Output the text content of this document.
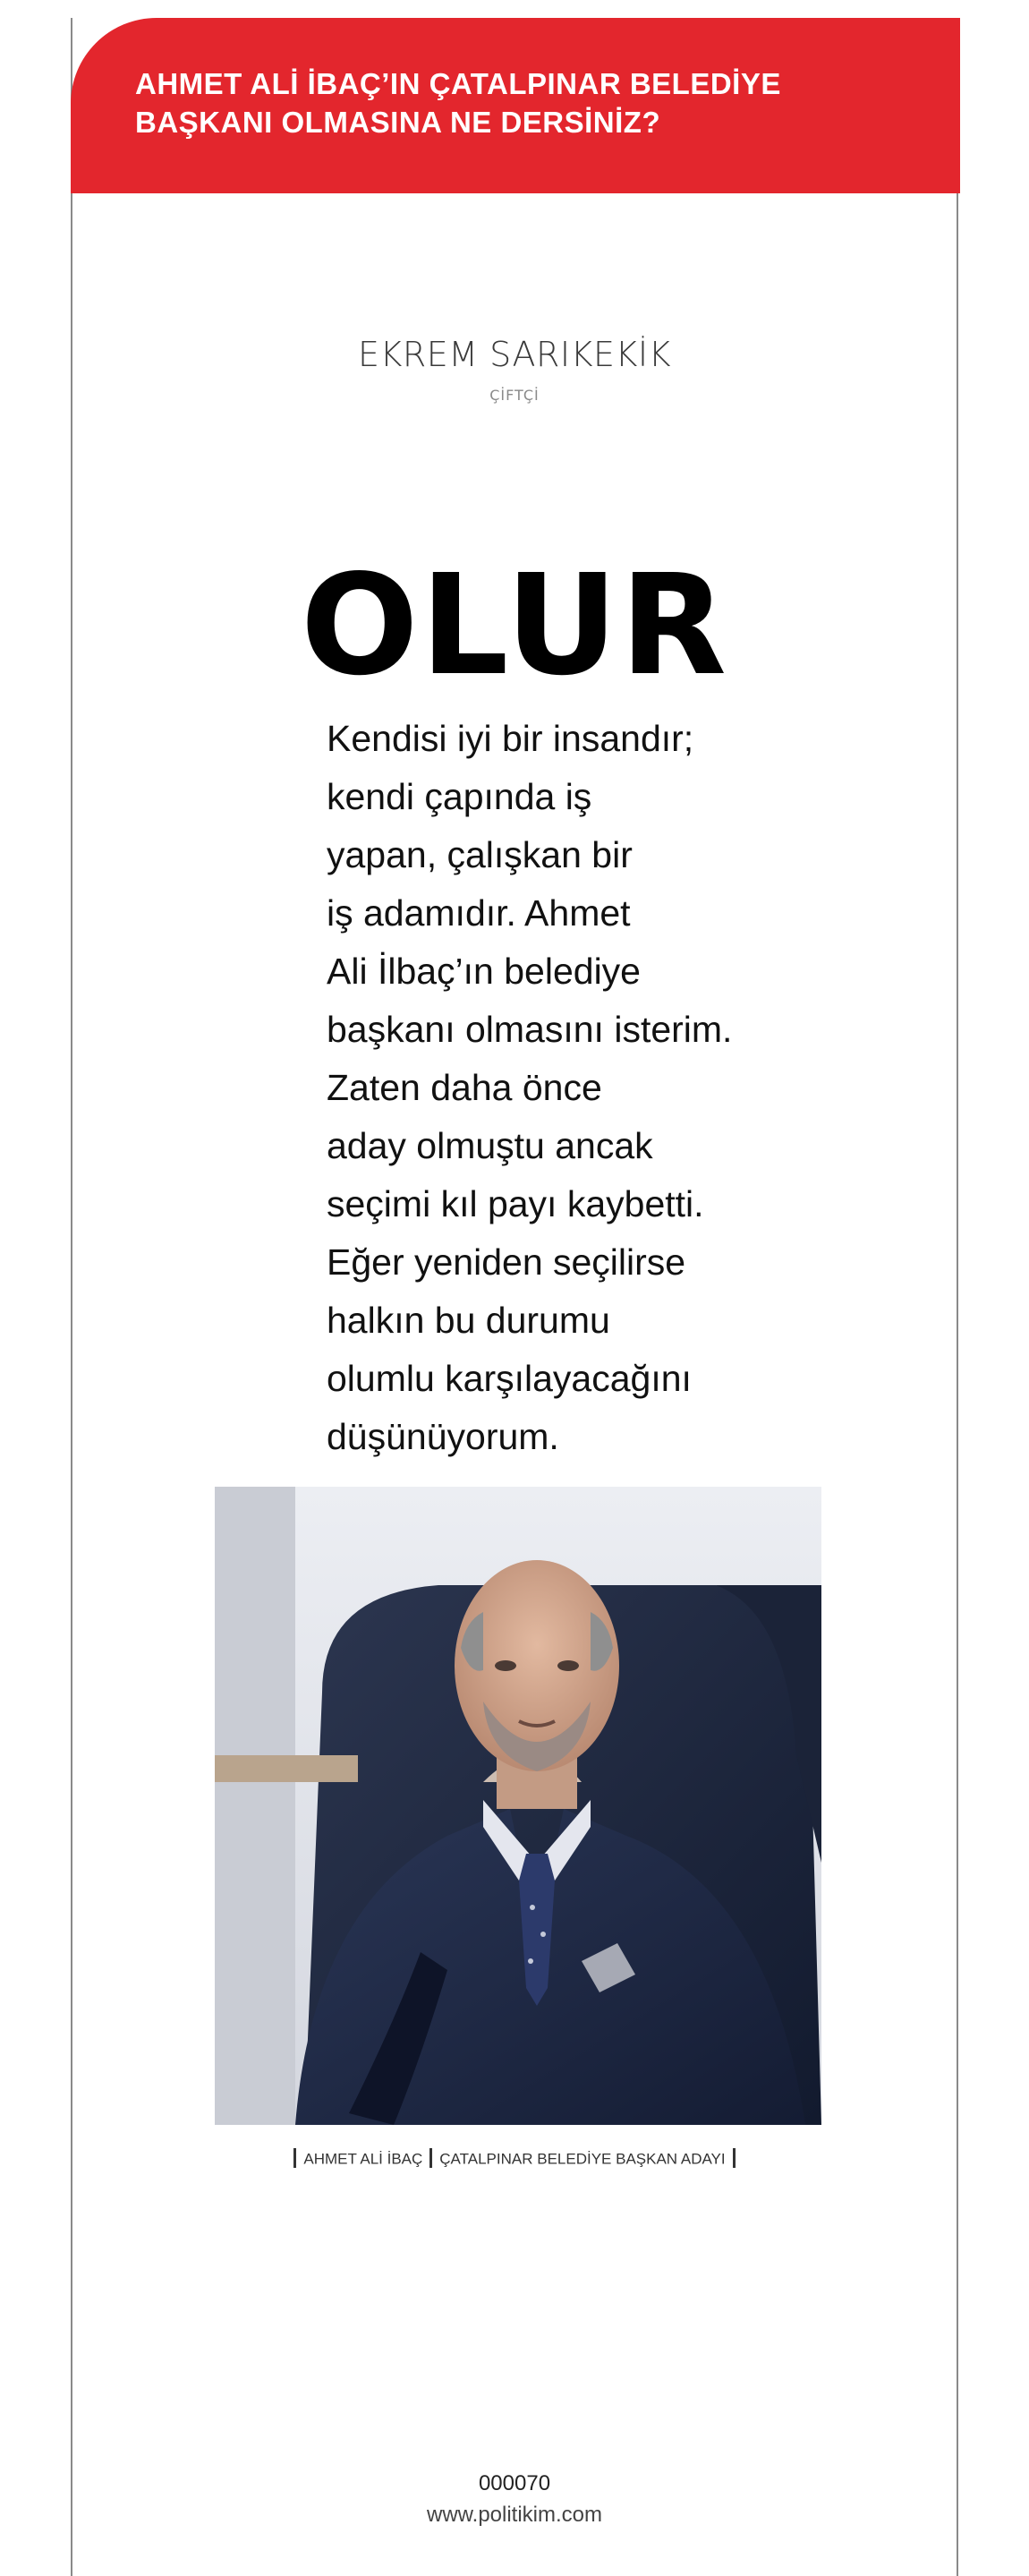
AHMET ALİ İBAÇ’IN ÇATALPINAR BELEDİYE
BAŞKANI OLMASINA NE DERSİNİZ?

EKREM SARIKEKİK
ÇİFTÇİ
OLUR
Kendisi iyi bir insandır;
kendi çapında iş
yapan, çalışkan bir
iş adamıdır. Ahmet
Ali İlbaç’ın belediye
başkanı olmasını isterim.
Zaten daha önce
aday olmuştu ancak
seçimi kıl payı kaybetti.
Eğer yeniden seçilirse
halkın bu durumu
olumlu karşılayacağını
düşünüyorum.
AHMET ALİ İBAÇ ÇATALPINAR BELEDİYE BAŞKAN ADAYI
000070
www.politikim.com
